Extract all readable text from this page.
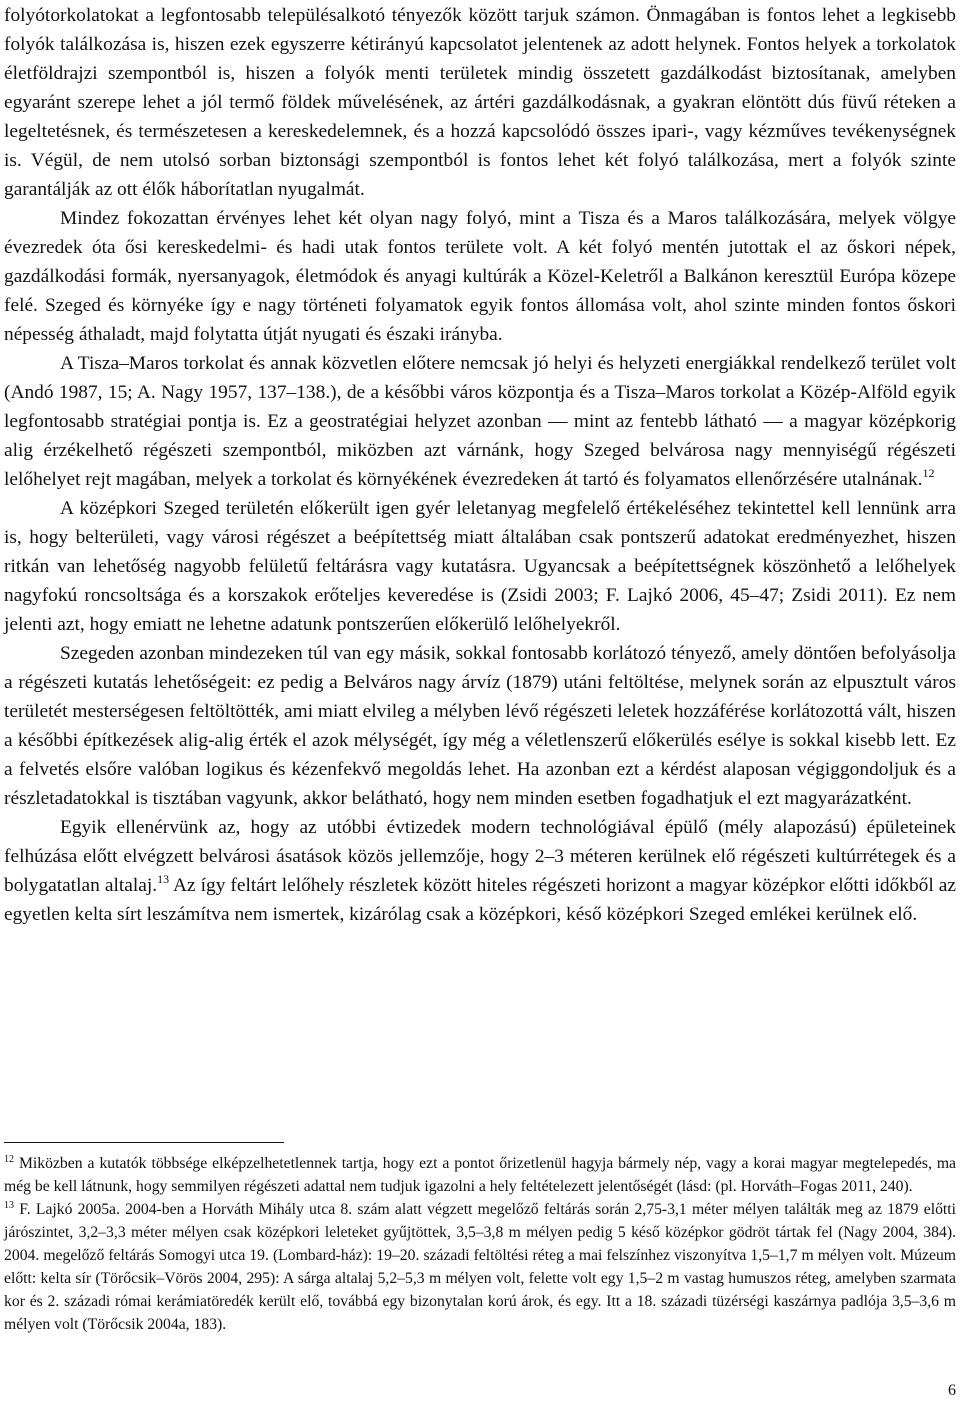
folyótorkolatokat a legfontosabb településalkotó tényezők között tarjuk számon. Önmagában is fontos lehet a legkisebb folyók találkozása is, hiszen ezek egyszerre kétirányú kapcsolatot jelentenek az adott helynek. Fontos helyek a torkolatok életföldrajzi szempontból is, hiszen a folyók menti területek mindig összetett gazdálkodást biztosítanak, amelyben egyaránt szerepe lehet a jól termő földek művelésének, az ártéri gazdálkodásnak, a gyakran elöntött dús füvű réteken a legeltetésnek, és természetesen a kereskedelemnek, és a hozzá kapcsolódó összes ipari-, vagy kézműves tevékenységnek is. Végül, de nem utolsó sorban biztonsági szempontból is fontos lehet két folyó találkozása, mert a folyók szinte garantálják az ott élők háborítatlan nyugalmát.

Mindez fokozattan érvényes lehet két olyan nagy folyó, mint a Tisza és a Maros találkozására, melyek völgye évezredek óta ősi kereskedelmi- és hadi utak fontos területe volt. A két folyó mentén jutottak el az őskori népek, gazdálkodási formák, nyersanyagok, életmódok és anyagi kultúrák a Közel-Keletről a Balkánon keresztül Európa közepe felé. Szeged és környéke így e nagy történeti folyamatok egyik fontos állomása volt, ahol szinte minden fontos őskori népesség áthaladt, majd folytatta útját nyugati és északi irányba.

A Tisza–Maros torkolat és annak közvetlen előtere nemcsak jó helyi és helyzeti energiákkal rendelkező terület volt (Andó 1987, 15; A. Nagy 1957, 137–138.), de a későbbi város központja és a Tisza–Maros torkolat a Közép-Alföld egyik legfontosabb stratégiai pontja is. Ez a geostratégiai helyzet azonban — mint az fentebb látható — a magyar középkorig alig érzékelhető régészeti szempontból, miközben azt várnánk, hogy Szeged belvárosa nagy mennyiségű régészeti lelőhelyet rejt magában, melyek a torkolat és környékének évezredeken át tartó és folyamatos ellenőrzésére utalnának.$^{12}$

A középkori Szeged területén előkerült igen gyér leletanyag megfelelő értékeléséhez tekintettel kell lennünk arra is, hogy belterületi, vagy városi régészet a beépítettség miatt általában csak pontszerű adatokat eredményezhet, hiszen ritkán van lehetőség nagyobb felületű feltárásra vagy kutatásra. Ugyancsak a beépítettségnek köszönhető a lelőhelyek nagyfokú roncsoltsága és a korszakok erőteljes keveredése is (Zsidi 2003; F. Lajkó 2006, 45–47; Zsidi 2011). Ez nem jelenti azt, hogy emiatt ne lehetne adatunk pontszerűen előkerülő lelőhelyekről.

Szegeden azonban mindezeken túl van egy másik, sokkal fontosabb korlátozó tényező, amely döntően befolyásolja a régészeti kutatás lehetőségeit: ez pedig a Belváros nagy árvíz (1879) utáni feltöltése, melynek során az elpusztult város területét mesterségesen feltöltötték, ami miatt elvileg a mélyben lévő régészeti leletek hozzáférése korlátozottá vált, hiszen a későbbi építkezések alig-alig érték el azok mélységét, így még a véletlenszerű előkerülés esélye is sokkal kisebb lett. Ez a felvetés elsőre valóban logikus és kézenfekvő megoldás lehet. Ha azonban ezt a kérdést alaposan végiggondoljuk és a részletadatokkal is tisztában vagyunk, akkor belátható, hogy nem minden esetben fogadhatjuk el ezt magyarázatként.

Egyik ellenérvünk az, hogy az utóbbi évtizedek modern technológiával épülő (mély alapozású) épületeinek felhúzása előtt elvégzett belvárosi ásatások közös jellemzője, hogy 2–3 méteren kerülnek elő régészeti kultúrrétegek és a bolygatatlan altalaj.$^{13}$ Az így feltárt lelőhely részletek között hiteles régészeti horizont a magyar középkor előtti időkből az egyetlen kelta sírt leszámítva nem ismertek, kizárólag csak a középkori, késő középkori Szeged emlékei kerülnek elő.

$^{12}$ Miközben a kutatók többsége elképzelhetetlennek tartja, hogy ezt a pontot őrizetlenül hagyja bármely nép, vagy a korai magyar megtelepedés, ma még be kell látnunk, hogy semmilyen régészeti adattal nem tudjuk igazolni a hely feltételezett jelentőségét (lásd: (pl. Horváth–Fogas 2011, 240).

$^{13}$ F. Lajkó 2005a. 2004-ben a Horváth Mihály utca 8. szám alatt végzett megelőző feltárás során 2,75-3,1 méter mélyen találták meg az 1879 előtti járószintet, 3,2–3,3 méter mélyen csak középkori leleteket gyűjtöttek, 3,5–3,8 m mélyen pedig 5 késő középkor gödröt tártak fel (Nagy 2004, 384). 2004. megelőző feltárás Somogyi utca 19. (Lombard-ház): 19–20. századi feltöltési réteg a mai felszínhez viszonyítva 1,5–1,7 m mélyen volt. Múzeum előtt: kelta sír (Törőcsik–Vörös 2004, 295): A sárga altalaj 5,2–5,3 m mélyen volt, felette volt egy 1,5–2 m vastag humuszos réteg, amelyben szarmata kor és 2. századi római kerámiatöredék került elő, továbbá egy bizonytalan korú árok, és egy. Itt a 18. századi tüzérségi kaszárnya padlója 3,5–3,6 m mélyen volt (Törőcsik 2004a, 183).

6
